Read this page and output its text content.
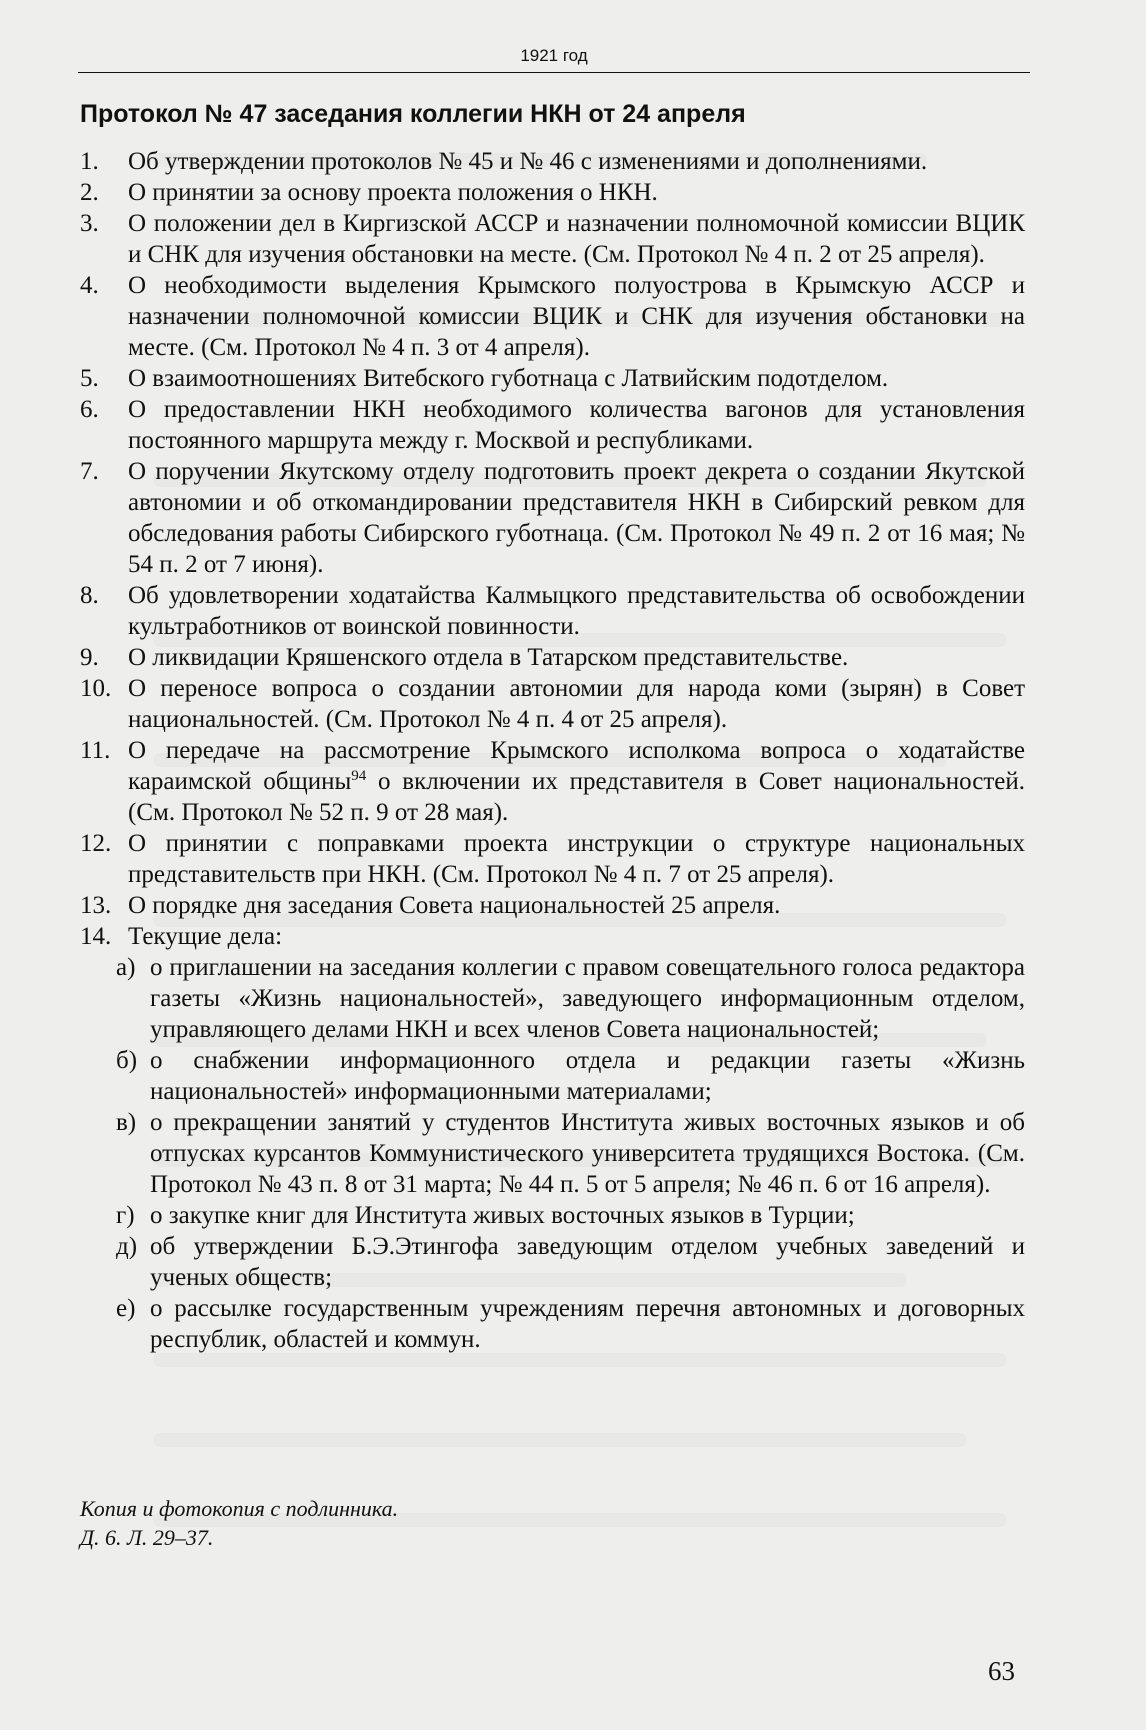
1921 год
Протокол № 47 заседания коллегии НКН от 24 апреля
1.	Об утверждении протоколов № 45 и № 46 с изменениями и дополнениями.
2.	О принятии за основу проекта положения о НКН.
3.	О положении дел в Киргизской АССР и назначении полномочной комиссии ВЦИК и СНК для изучения обстановки на месте. (См. Протокол № 4 п. 2 от 25 апреля).
4.	О необходимости выделения Крымского полуострова в Крымскую АССР и назначении полномочной комиссии ВЦИК и СНК для изучения обстановки на месте. (См. Протокол № 4 п. 3 от 4 апреля).
5.	О взаимоотношениях Витебского губотнаца с Латвийским подотделом.
6.	О предоставлении НКН необходимого количества вагонов для установления постоянного маршрута между г. Москвой и республиками.
7.	О поручении Якутскому отделу подготовить проект декрета о создании Якутской автономии и об откомандировании представителя НКН в Сибирский ревком для обследования работы Сибирского губотнаца. (См. Протокол № 49 п. 2 от 16 мая; № 54 п. 2 от 7 июня).
8.	Об удовлетворении ходатайства Калмыцкого представительства об освобождении культработников от воинской повинности.
9.	О ликвидации Кряшенского отдела в Татарском представительстве.
10. О переносе вопроса о создании автономии для народа коми (зырян) в Совет национальностей. (См. Протокол № 4 п. 4 от 25 апреля).
11. О передаче на рассмотрение Крымского исполкома вопроса о ходатайстве караимской общины$^{94}$ о включении их представителя в Совет национальностей. (См. Протокол № 52 п. 9 от 28 мая).
12. О принятии с поправками проекта инструкции о структуре национальных представительств при НКН. (См. Протокол № 4 п. 7 от 25 апреля).
13. О порядке дня заседания Совета национальностей 25 апреля.
14. Текущие дела:
а) о приглашении на заседания коллегии с правом совещательного голоса редактора газеты «Жизнь национальностей», заведующего информационным отделом, управляющего делами НКН и всех членов Совета национальностей;
б) о снабжении информационного отдела и редакции газеты «Жизнь национальностей» информационными материалами;
в) о прекращении занятий у студентов Института живых восточных языков и об отпусках курсантов Коммунистического университета трудящихся Востока. (См. Протокол № 43 п. 8 от 31 марта; № 44 п. 5 от 5 апреля; № 46 п. 6 от 16 апреля).
г) о закупке книг для Института живых восточных языков в Турции;
д) об утверждении Б.Э.Этингофа заведующим отделом учебных заведений и ученых обществ;
е) о рассылке государственным учреждениям перечня автономных и договорных республик, областей и коммун.
Копия и фотокопия с подлинника.
Д. 6. Л. 29–37.
63
